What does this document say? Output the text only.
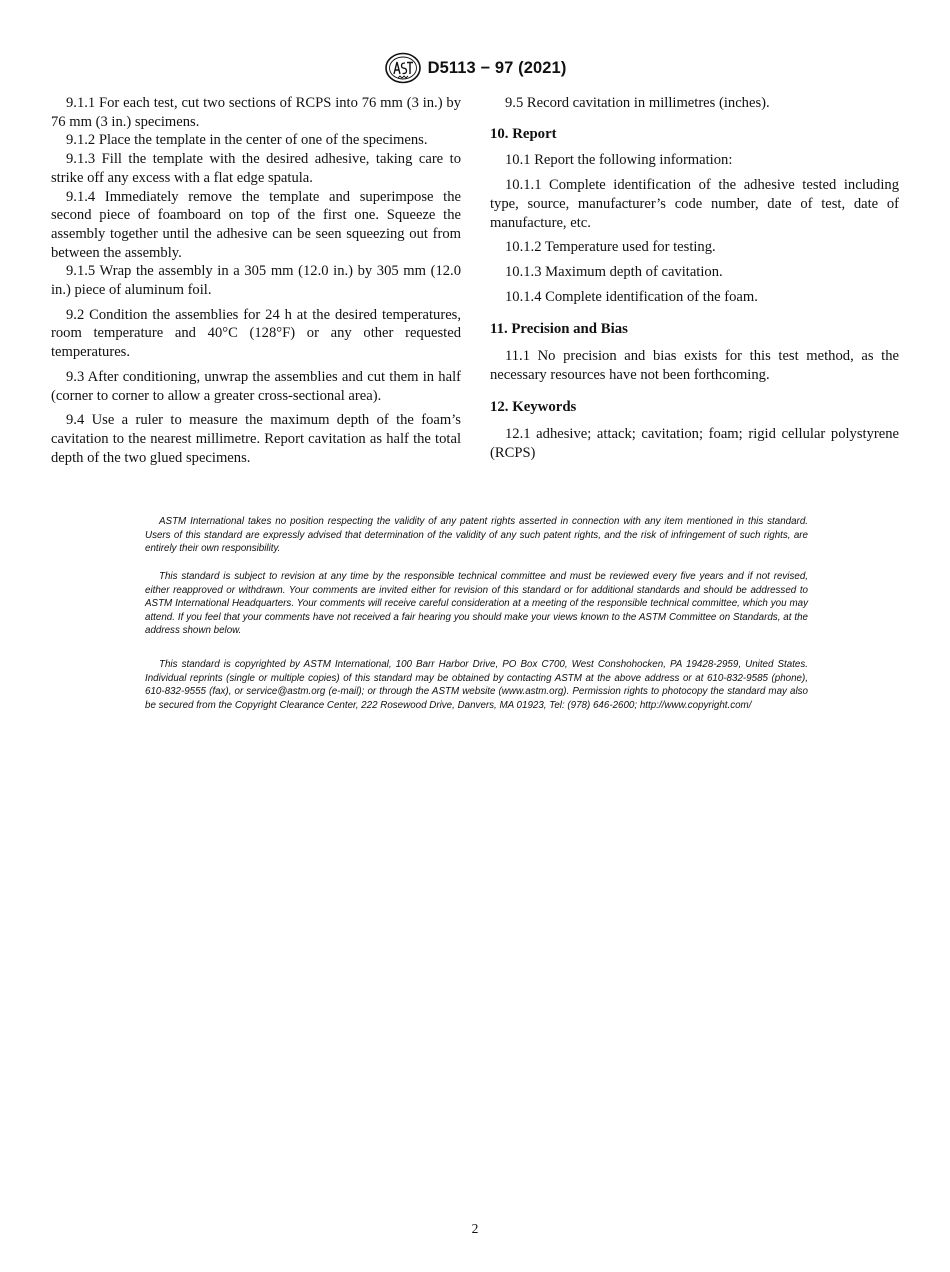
D5113 − 97 (2021)

9.1.1 For each test, cut two sections of RCPS into 76 mm (3 in.) by 76 mm (3 in.) specimens.

9.1.2 Place the template in the center of one of the specimens.

9.1.3 Fill the template with the desired adhesive, taking care to strike off any excess with a flat edge spatula.

9.1.4 Immediately remove the template and superimpose the second piece of foamboard on top of the first one. Squeeze the assembly together until the adhesive can be seen squeezing out from between the assembly.

9.1.5 Wrap the assembly in a 305 mm (12.0 in.) by 305 mm (12.0 in.) piece of aluminum foil.

9.2 Condition the assemblies for 24 h at the desired temperatures, room temperature and 40°C (128°F) or any other requested temperatures.

9.3 After conditioning, unwrap the assemblies and cut them in half (corner to corner to allow a greater cross-sectional area).

9.4 Use a ruler to measure the maximum depth of the foam’s cavitation to the nearest millimetre. Report cavitation as half the total depth of the two glued specimens.

9.5 Record cavitation in millimetres (inches).

10. Report

10.1 Report the following information:

10.1.1 Complete identification of the adhesive tested including type, source, manufacturer’s code number, date of test, date of manufacture, etc.

10.1.2 Temperature used for testing.

10.1.3 Maximum depth of cavitation.

10.1.4 Complete identification of the foam.

11. Precision and Bias

11.1 No precision and bias exists for this test method, as the necessary resources have not been forthcoming.

12. Keywords

12.1 adhesive; attack; cavitation; foam; rigid cellular polystyrene (RCPS)

ASTM International takes no position respecting the validity of any patent rights asserted in connection with any item mentioned in this standard. Users of this standard are expressly advised that determination of the validity of any such patent rights, and the risk of infringement of such rights, are entirely their own responsibility.

This standard is subject to revision at any time by the responsible technical committee and must be reviewed every five years and if not revised, either reapproved or withdrawn. Your comments are invited either for revision of this standard or for additional standards and should be addressed to ASTM International Headquarters. Your comments will receive careful consideration at a meeting of the responsible technical committee, which you may attend. If you feel that your comments have not received a fair hearing you should make your views known to the ASTM Committee on Standards, at the address shown below.

This standard is copyrighted by ASTM International, 100 Barr Harbor Drive, PO Box C700, West Conshohocken, PA 19428-2959, United States. Individual reprints (single or multiple copies) of this standard may be obtained by contacting ASTM at the above address or at 610-832-9585 (phone), 610-832-9555 (fax), or service@astm.org (e-mail); or through the ASTM website (www.astm.org). Permission rights to photocopy the standard may also be secured from the Copyright Clearance Center, 222 Rosewood Drive, Danvers, MA 01923, Tel: (978) 646-2600; http://www.copyright.com/

2
